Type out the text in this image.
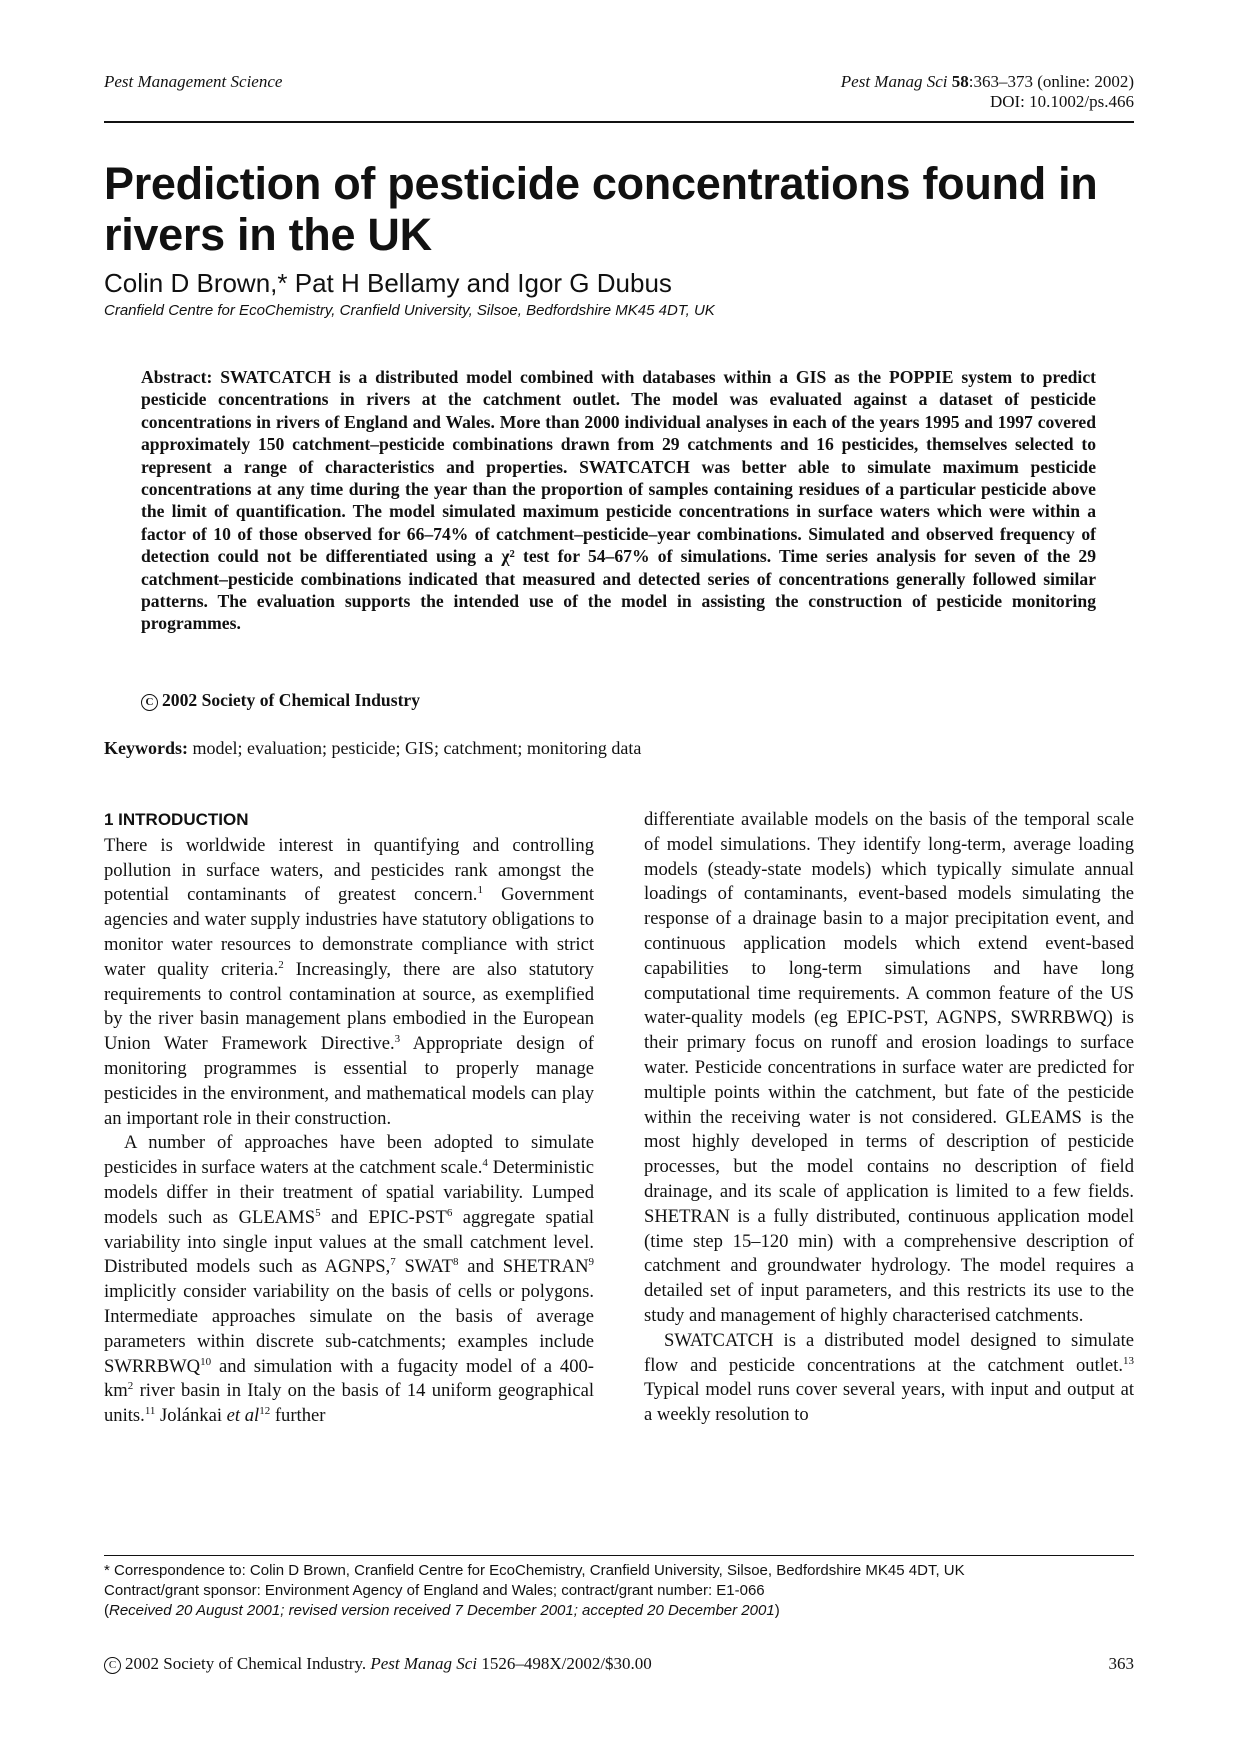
Pest Management Science	Pest Manag Sci 58:363–373 (online: 2002)
DOI: 10.1002/ps.466
Prediction of pesticide concentrations found in rivers in the UK
Colin D Brown,* Pat H Bellamy and Igor G Dubus
Cranfield Centre for EcoChemistry, Cranfield University, Silsoe, Bedfordshire MK45 4DT, UK
Abstract: SWATCATCH is a distributed model combined with databases within a GIS as the POPPIE system to predict pesticide concentrations in rivers at the catchment outlet. The model was evaluated against a dataset of pesticide concentrations in rivers of England and Wales. More than 2000 individual analyses in each of the years 1995 and 1997 covered approximately 150 catchment–pesticide combinations drawn from 29 catchments and 16 pesticides, themselves selected to represent a range of characteristics and properties. SWATCATCH was better able to simulate maximum pesticide concentrations at any time during the year than the proportion of samples containing residues of a particular pesticide above the limit of quantification. The model simulated maximum pesticide concentrations in surface waters which were within a factor of 10 of those observed for 66–74% of catchment–pesticide–year combinations. Simulated and observed frequency of detection could not be differentiated using a χ² test for 54–67% of simulations. Time series analysis for seven of the 29 catchment–pesticide combinations indicated that measured and detected series of concentrations generally followed similar patterns. The evaluation supports the intended use of the model in assisting the construction of pesticide monitoring programmes.
C 2002 Society of Chemical Industry
Keywords: model; evaluation; pesticide; GIS; catchment; monitoring data
1 INTRODUCTION

There is worldwide interest in quantifying and controlling pollution in surface waters, and pesticides rank amongst the potential contaminants of greatest concern.$^1$ Government agencies and water supply industries have statutory obligations to monitor water resources to demonstrate compliance with strict water quality criteria.$^2$ Increasingly, there are also statutory requirements to control contamination at source, as exemplified by the river basin management plans embodied in the European Union Water Framework Directive.$^3$ Appropriate design of monitoring programmes is essential to properly manage pesticides in the environment, and mathematical models can play an important role in their construction.

A number of approaches have been adopted to simulate pesticides in surface waters at the catchment scale.$^4$ Deterministic models differ in their treatment of spatial variability. Lumped models such as GLEAMS$^5$ and EPIC-PST$^6$ aggregate spatial variability into single input values at the small catchment level. Distributed models such as AGNPS,$^7$ SWAT$^8$ and SHETRAN$^9$ implicitly consider variability on the basis of cells or polygons. Intermediate approaches simulate on the basis of average parameters within discrete sub-catchments; examples include SWRRBWQ$^{10}$ and simulation with a fugacity model of a $400-km^2$ river basin in Italy on the basis of 14 uniform geographical units.$^{11}$ Jolánkai et $al^{12}$ further

differentiate available models on the basis of the temporal scale of model simulations. They identify long-term, average loading models (steady-state models) which typically simulate annual loadings of contaminants, event-based models simulating the response of a drainage basin to a major precipitation event, and continuous application models which extend event-based capabilities to long-term simulations and have long computational time requirements. A common feature of the US water-quality models (eg EPIC-PST, AGNPS, SWRRBWQ) is their primary focus on runoff and erosion loadings to surface water. Pesticide concentrations in surface water are predicted for multiple points within the catchment, but fate of the pesticide within the receiving water is not considered. GLEAMS is the most highly developed in terms of description of pesticide processes, but the model contains no description of field drainage, and its scale of application is limited to a few fields. SHETRAN is a fully distributed, continuous application model (time step 15–120 min) with a comprehensive description of catchment and groundwater hydrology. The model requires a detailed set of input parameters, and this restricts its use to the study and management of highly characterised catchments.

SWATCATCH is a distributed model designed to simulate flow and pesticide concentrations at the catchment outlet.$^{13}$ Typical model runs cover several years, with input and output at a weekly resolution to

* Correspondence to: Colin D Brown, Cranfield Centre for EcoChemistry, Cranfield University, Silsoe, Bedfordshire MK45 4DT, UK
Contract/grant sponsor: Environment Agency of England and Wales; contract/grant number: E1-066
(Received 20 August 2001; revised version received 7 December 2001; accepted 20 December 2001)
C 2002 Society of Chemical Industry. Pest Manag Sci 1526–498X/2002/$30.00	363
